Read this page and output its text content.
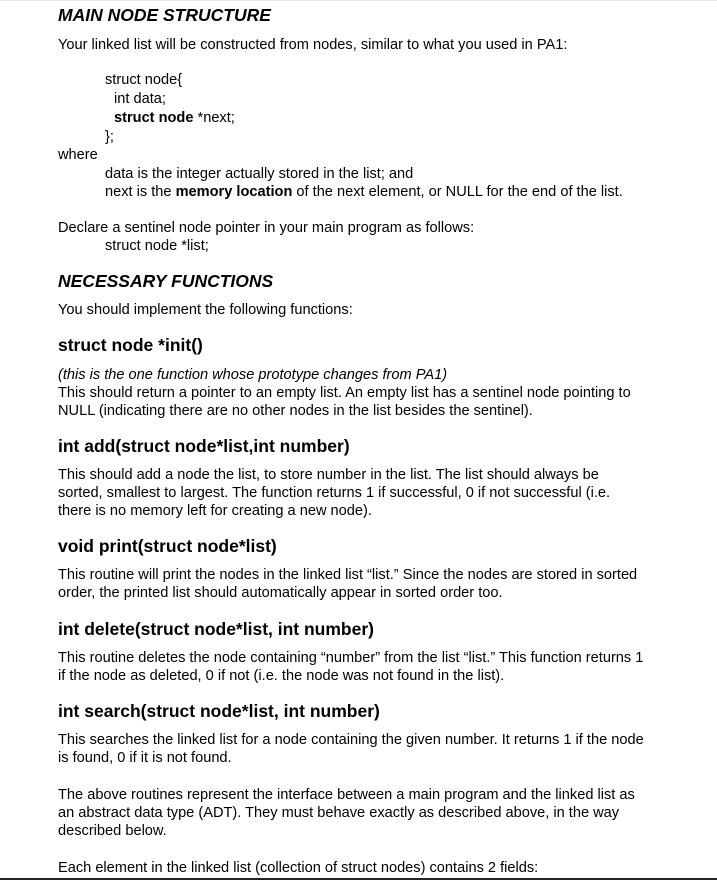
MAIN NODE STRUCTURE
Your linked list will be constructed from nodes, similar to what you used in PA1:
struct node{
int data;
struct node *next;
};
where
data is the integer actually stored in the list; and
next is the memory location of the next element, or NULL for the end of the list.
Declare a sentinel node pointer in your main program as follows:
struct node *list;
NECESSARY FUNCTIONS
You should implement the following functions:
struct node *init()
(this is the one function whose prototype changes from PA1)
This should return a pointer to an empty list. An empty list has a sentinel node pointing to
NULL (indicating there are no other nodes in the list besides the sentinel).
int add(struct node*list,int number)
This should add a node the list, to store number in the list. The list should always be
sorted, smallest to largest. The function returns 1 if successful, 0 if not successful (i.e.
there is no memory left for creating a new node).
void print(struct node*list)
This routine will print the nodes in the linked list “list.” Since the nodes are stored in sorted
order, the printed list should automatically appear in sorted order too.
int delete(struct node*list, int number)
This routine deletes the node containing “number” from the list “list.” This function returns 1
if the node as deleted, 0 if not (i.e. the node was not found in the list).
int search(struct node*list, int number)
This searches the linked list for a node containing the given number. It returns 1 if the node
is found, 0 if it is not found.
The above routines represent the interface between a main program and the linked list as
an abstract data type (ADT). They must behave exactly as described above, in the way
described below.
Each element in the linked list (collection of struct nodes) contains 2 fields:
